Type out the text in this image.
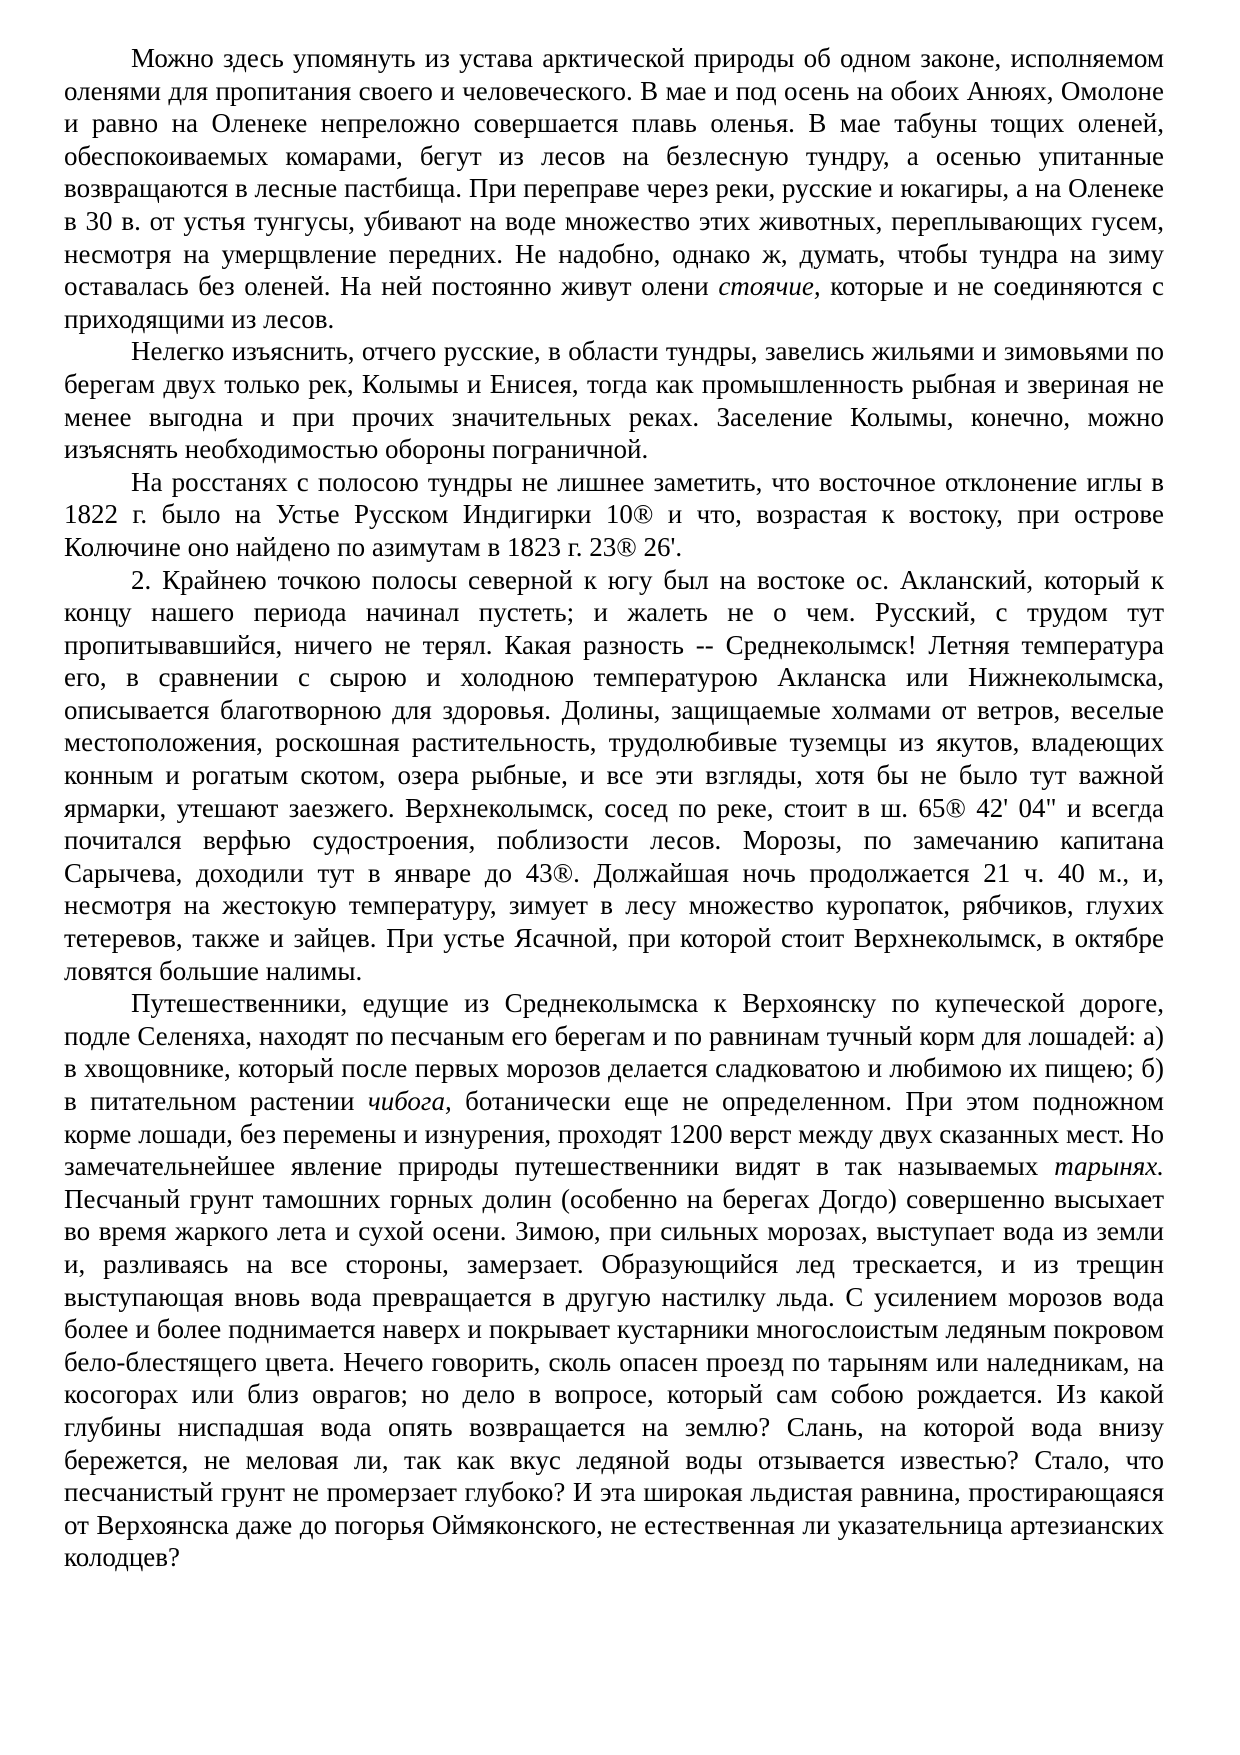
Можно здесь упомянуть из устава арктической природы об одном законе, исполняемом оленями для пропитания своего и человеческого. В мае и под осень на обоих Анюях, Омолоне и равно на Оленеке непреложно совершается плавь оленья. В мае табуны тощих оленей, обеспокоиваемых комарами, бегут из лесов на безлесную тундру, а осенью упитанные возвращаются в лесные пастбища. При переправе через реки, русские и юкагиры, а на Оленеке в 30 в. от устья тунгусы, убивают на воде множество этих животных, переплывающих гусем, несмотря на умерщвление передних. Не надобно, однако ж, думать, чтобы тундра на зиму оставалась без оленей. На ней постоянно живут олени стоячие, которые и не соединяются с приходящими из лесов.

Нелегко изъяснить, отчего русские, в области тундры, завелись жильями и зимовьями по берегам двух только рек, Колымы и Енисея, тогда как промышленность рыбная и звериная не менее выгодна и при прочих значительных реках. Заселение Колымы, конечно, можно изъяснять необходимостью обороны пограничной.

На росстанях с полосою тундры не лишнее заметить, что восточное отклонение иглы в 1822 г. было на Устье Русском Индигирки 10® и что, возрастая к востоку, при острове Колючине оно найдено по азимутам в 1823 г. 23® 26'.

2. Крайнею точкою полосы северной к югу был на востоке ос. Акланский, который к концу нашего периода начинал пустеть; и жалеть не о чем. Русский, с трудом тут пропитывавшийся, ничего не терял. Какая разность -- Среднеколымск! Летняя температура его, в сравнении с сырою и холодною температурою Акланска или Нижнеколымска, описывается благотворною для здоровья. Долины, защищаемые холмами от ветров, веселые местоположения, роскошная растительность, трудолюбивые туземцы из якутов, владеющих конным и рогатым скотом, озера рыбные, и все эти взгляды, хотя бы не было тут важной ярмарки, утешают заезжего. Верхнеколымск, сосед по реке, стоит в ш. 65® 42' 04" и всегда почитался верфью судостроения, поблизости лесов. Морозы, по замечанию капитана Сарычева, доходили тут в январе до 43®. Должайшая ночь продолжается 21 ч. 40 м., и, несмотря на жестокую температуру, зимует в лесу множество куропаток, рябчиков, глухих тетеревов, также и зайцев. При устье Ясачной, при которой стоит Верхнеколымск, в октябре ловятся большие налимы.

Путешественники, едущие из Среднеколымска к Верхоянску по купеческой дороге, подле Селеняха, находят по песчаным его берегам и по равнинам тучный корм для лошадей: а) в хвощовнике, который после первых морозов делается сладковатою и любимою их пищею; б) в питательном растении чибога, ботанически еще не определенном. При этом подножном корме лошади, без перемены и изнурения, проходят 1200 верст между двух сказанных мест. Но замечательнейшее явление природы путешественники видят в так называемых тарынях. Песчаный грунт тамошних горных долин (особенно на берегах Догдо) совершенно высыхает во время жаркого лета и сухой осени. Зимою, при сильных морозах, выступает вода из земли и, разливаясь на все стороны, замерзает. Образующийся лед трескается, и из трещин выступающая вновь вода превращается в другую настилку льда. С усилением морозов вода более и более поднимается наверх и покрывает кустарники многослоистым ледяным покровом бело-блестящего цвета. Нечего говорить, сколь опасен проезд по тарыням или наледникам, на косогорах или близ оврагов; но дело в вопросе, который сам собою рождается. Из какой глубины ниспадшая вода опять возвращается на землю? Слань, на которой вода внизу бережется, не меловая ли, так как вкус ледяной воды отзывается известью? Стало, что песчанистый грунт не промерзает глубоко? И эта широкая льдистая равнина, простирающаяся от Верхоянска даже до погорья Оймяконского, не естественная ли указательница артезианских колодцев?
